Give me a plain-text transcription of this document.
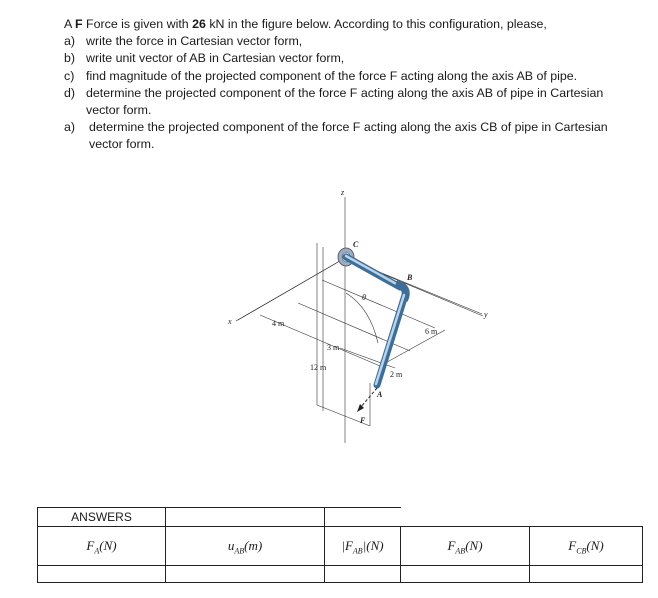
A F Force is given with 26 kN in the figure below. According to this configuration, please,

a) write the force in Cartesian vector form,
b) write unit vector of AB in Cartesian vector form,
c) find magnitude of the projected component of the force F acting along the axis AB of pipe.
d) determine the projected component of the force F acting along the axis AB of pipe in Cartesian vector form.
a)	determine the projected component of the force F acting along the axis CB of pipe in Cartesian vector form.
z
x
y
θ
C
B
A
F
4 m
3 m
12 m
6 m
2 m
ANSWERS				
$F_A(N)$	$u_{AB}(m)$	$|F_{AB}|(N)$	$F_{AB}(N)$	$F_{CB}(N)$
